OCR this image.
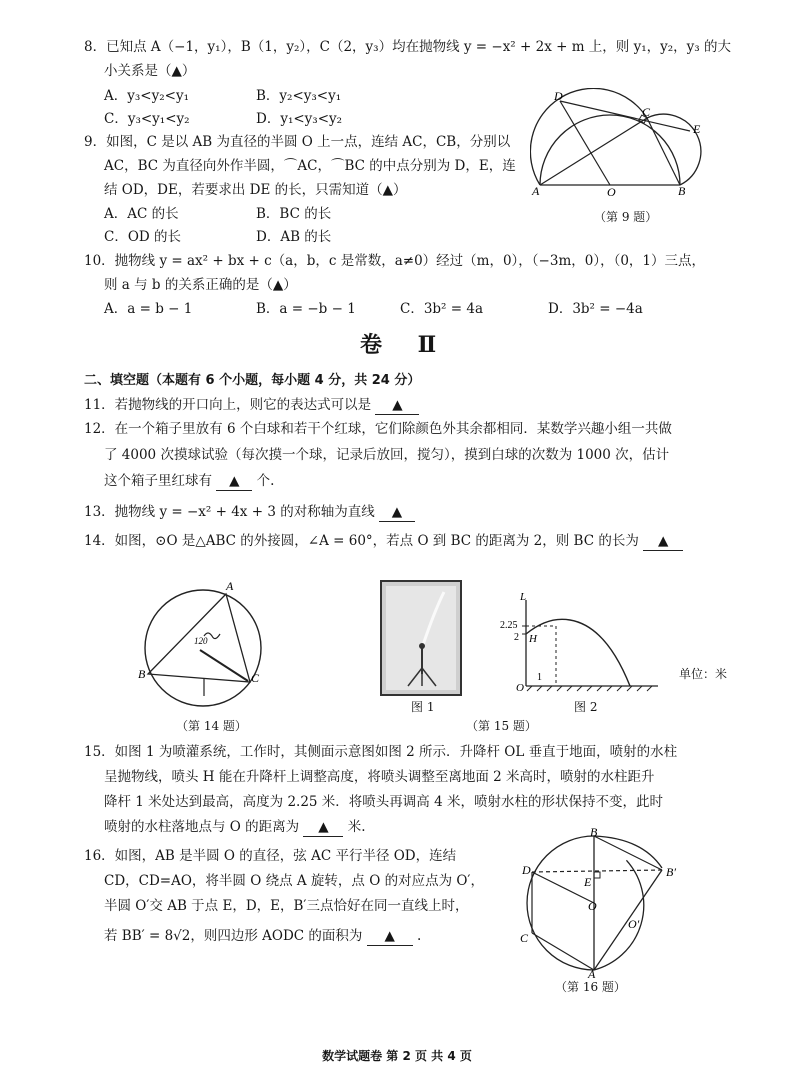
8．已知点 A（−1，y₁），B（1，y₂），C（2，y₃）均在抛物线 y = −x² + 2x + m 上，则 y₁，y₂，y₃ 的大
小关系是（▲）
A．y₃<y₂<y₁	B．y₂<y₃<y₁
C．y₃<y₁<y₂	D．y₁<y₃<y₂
9．如图，C 是以 AB 为直径的半圆 O 上一点，连结 AC，CB，分别以
AC，BC 为直径向外作半圆，⌒AC，⌒BC 的中点分别为 D，E，连
结 OD，DE，若要求出 DE 的长，只需知道（▲）
A．AC 的长	B．BC 的长
C．OD 的长	D．AB 的长
D
C
E
A	O	B
（第 9 题）
10．抛物线 y = ax² + bx + c（a，b，c 是常数，a≠0）经过（m，0），（−3m，0），（0，1）三点，
则 a 与 b 的关系正确的是（▲）
A．a = b − 1	B．a = −b − 1	C．3b² = 4a	D．3b² = −4a
卷 Ⅱ
二、填空题（本题有 6 个小题，每小题 4 分，共 24 分）
11．若抛物线的开口向上，则它的表达式可以是 ▲
12．在一个箱子里放有 6 个白球和若干个红球，它们除颜色外其余都相同．某数学兴趣小组一共做
了 4000 次摸球试验（每次摸一个球，记录后放回，搅匀），摸到白球的次数为 1000 次，估计
这个箱子里红球有 ▲ 个.
13．抛物线 y = −x² + 4x + 3 的对称轴为直线 ▲
14．如图，⊙O 是△ABC 的外接圆，∠A = 60°，若点 O 到 BC 的距离为 2，则 BC 的长为 ▲
120
A
B	C
（第 14 题）
图 1
L
H
O
2.25
2
1	单位：米
图 2
（第 15 题）
15．如图 1 为喷灌系统，工作时，其侧面示意图如图 2 所示．升降杆 OL 垂直于地面，喷射的水柱
呈抛物线，喷头 H 能在升降杆上调整高度，将喷头调整至离地面 2 米高时，喷射的水柱距升
降杆 1 米处达到最高，高度为 2.25 米．将喷头再调高 4 米，喷射水柱的形状保持不变，此时
喷射的水柱落地点与 O 的距离为 ▲ 米.
16．如图，AB 是半圆 O 的直径，弦 AC 平行半径 OD，连结
CD，CD=AO，将半圆 O 绕点 A 旋转，点 O 的对应点为 O′，
半圆 O′交 AB 于点 E，D，E，B′三点恰好在同一直线上时，
若 BB′ = 8√2，则四边形 AODC 的面积为 ▲ .
B
D
E
B′
O
O′
C
A
（第 16 题）
数学试题卷 第 2 页 共 4 页
